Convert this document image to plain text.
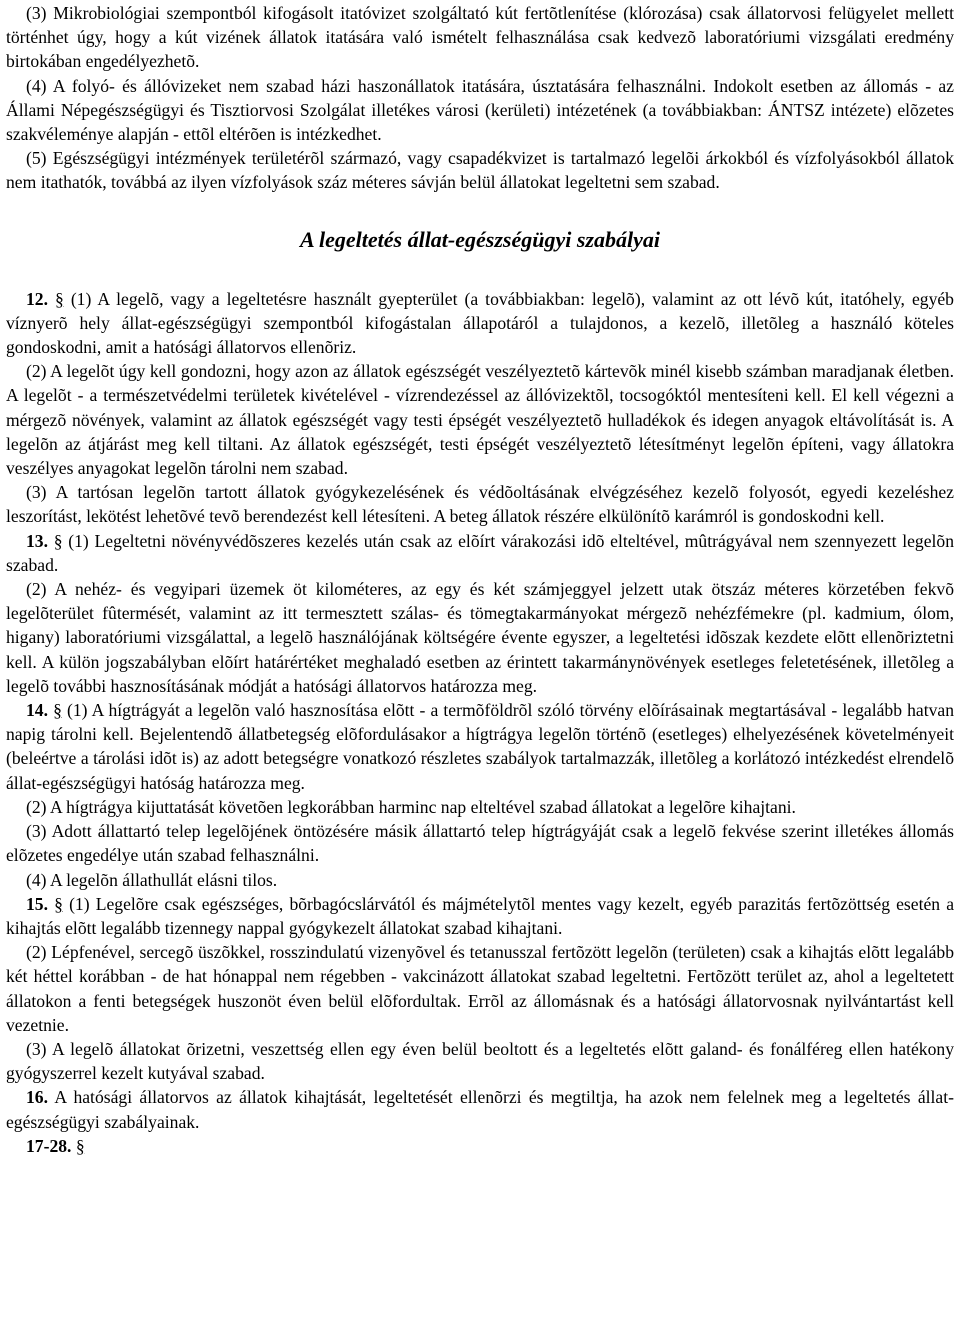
(3) Mikrobiológiai szempontból kifogásolt itatóvizet szolgáltató kút fertõtlenítése (klórozása) csak állatorvosi felügyelet mellett történhet úgy, hogy a kút vizének állatok itatására való ismételt felhasználása csak kedvezõ laboratóriumi vizsgálati eredmény birtokában engedélyezhetõ.

(4) A folyó- és állóvizeket nem szabad házi haszonállatok itatására, úsztatására felhasználni. Indokolt esetben az állomás - az Állami Népegészségügyi és Tisztiorvosi Szolgálat illetékes városi (kerületi) intézetének (a továbbiakban: ÁNTSZ intézete) elõzetes szakvéleménye alapján - ettõl eltérõen is intézkedhet.

(5) Egészségügyi intézmények területérõl származó, vagy csapadékvizet is tartalmazó legelõi árkokból és vízfolyásokból állatok nem itathatók, továbbá az ilyen vízfolyások száz méteres sávján belül állatokat legeltetni sem szabad.

A legeltetés állat-egészségügyi szabályai

12. § (1) A legelõ, vagy a legeltetésre használt gyepterület (a továbbiakban: legelõ), valamint az ott lévõ kút, itatóhely, egyéb víznyerõ hely állat-egészségügyi szempontból kifogástalan állapotáról a tulajdonos, a kezelõ, illetõleg a használó köteles gondoskodni, amit a hatósági állatorvos ellenõriz.

(2) A legelõt úgy kell gondozni, hogy azon az állatok egészségét veszélyeztetõ kártevõk minél kisebb számban maradjanak életben. A legelõt - a természetvédelmi területek kivételével - vízrendezéssel az állóvizektõl, tocsogóktól mentesíteni kell. El kell végezni a mérgezõ növények, valamint az állatok egészségét vagy testi épségét veszélyeztetõ hulladékok és idegen anyagok eltávolítását is. A legelõn az átjárást meg kell tiltani. Az állatok egészségét, testi épségét veszélyeztetõ létesítményt legelõn építeni, vagy állatokra veszélyes anyagokat legelõn tárolni nem szabad.

(3) A tartósan legelõn tartott állatok gyógykezelésének és védõoltásának elvégzéséhez kezelõ folyosót, egyedi kezeléshez leszorítást, lekötést lehetõvé tevõ berendezést kell létesíteni. A beteg állatok részére elkülönítõ karámról is gondoskodni kell.

13. § (1) Legeltetni növényvédõszeres kezelés után csak az elõírt várakozási idõ elteltével, mûtrágyával nem szennyezett legelõn szabad.

(2) A nehéz- és vegyipari üzemek öt kilométeres, az egy és két számjeggyel jelzett utak ötszáz méteres körzetében fekvõ legelõterület fûtermését, valamint az itt termesztett szálas- és tömegtakarmányokat mérgezõ nehézfémekre (pl. kadmium, ólom, higany) laboratóriumi vizsgálattal, a legelõ használójának költségére évente egyszer, a legeltetési idõszak kezdete elõtt ellenõriztetni kell. A külön jogszabályban elõírt határértéket meghaladó esetben az érintett takarmánynövények esetleges feletetésének, illetõleg a legelõ további hasznosításának módját a hatósági állatorvos határozza meg.

14. § (1) A hígtrágyát a legelõn való hasznosítása elõtt - a termõföldrõl szóló törvény elõírásainak megtartásával - legalább hatvan napig tárolni kell. Bejelentendõ állatbetegség elõfordulásakor a hígtrágya legelõn történõ (esetleges) elhelyezésének követelményeit (beleértve a tárolási idõt is) az adott betegségre vonatkozó részletes szabályok tartalmazzák, illetõleg a korlátozó intézkedést elrendelõ állat-egészségügyi hatóság határozza meg.

(2) A hígtrágya kijuttatását követõen legkorábban harminc nap elteltével szabad állatokat a legelõre kihajtani.

(3) Adott állattartó telep legelõjének öntözésére másik állattartó telep hígtrágyáját csak a legelõ fekvése szerint illetékes állomás elõzetes engedélye után szabad felhasználni.

(4) A legelõn állathullát elásni tilos.

15. § (1) Legelõre csak egészséges, bõrbagócslárvától és májmételytõl mentes vagy kezelt, egyéb parazitás fertõzöttség esetén a kihajtás elõtt legalább tizennegy nappal gyógykezelt állatokat szabad kihajtani.

(2) Lépfenével, sercegõ üszõkkel, rosszindulatú vizenyõvel és tetanusszal fertõzött legelõn (területen) csak a kihajtás elõtt legalább két héttel korábban - de hat hónappal nem régebben - vakcinázott állatokat szabad legeltetni. Fertõzött terület az, ahol a legeltetett állatokon a fenti betegségek huszonöt éven belül elõfordultak. Errõl az állomásnak és a hatósági állatorvosnak nyilvántartást kell vezetnie.

(3) A legelõ állatokat õrizetni, veszettség ellen egy éven belül beoltott és a legeltetés elõtt galand- és fonálféreg ellen hatékony gyógyszerrel kezelt kutyával szabad.

16. A hatósági állatorvos az állatok kihajtását, legeltetését ellenõrzi és megtiltja, ha azok nem felelnek meg a legeltetés állat-egészségügyi szabályainak.

17-28. §
